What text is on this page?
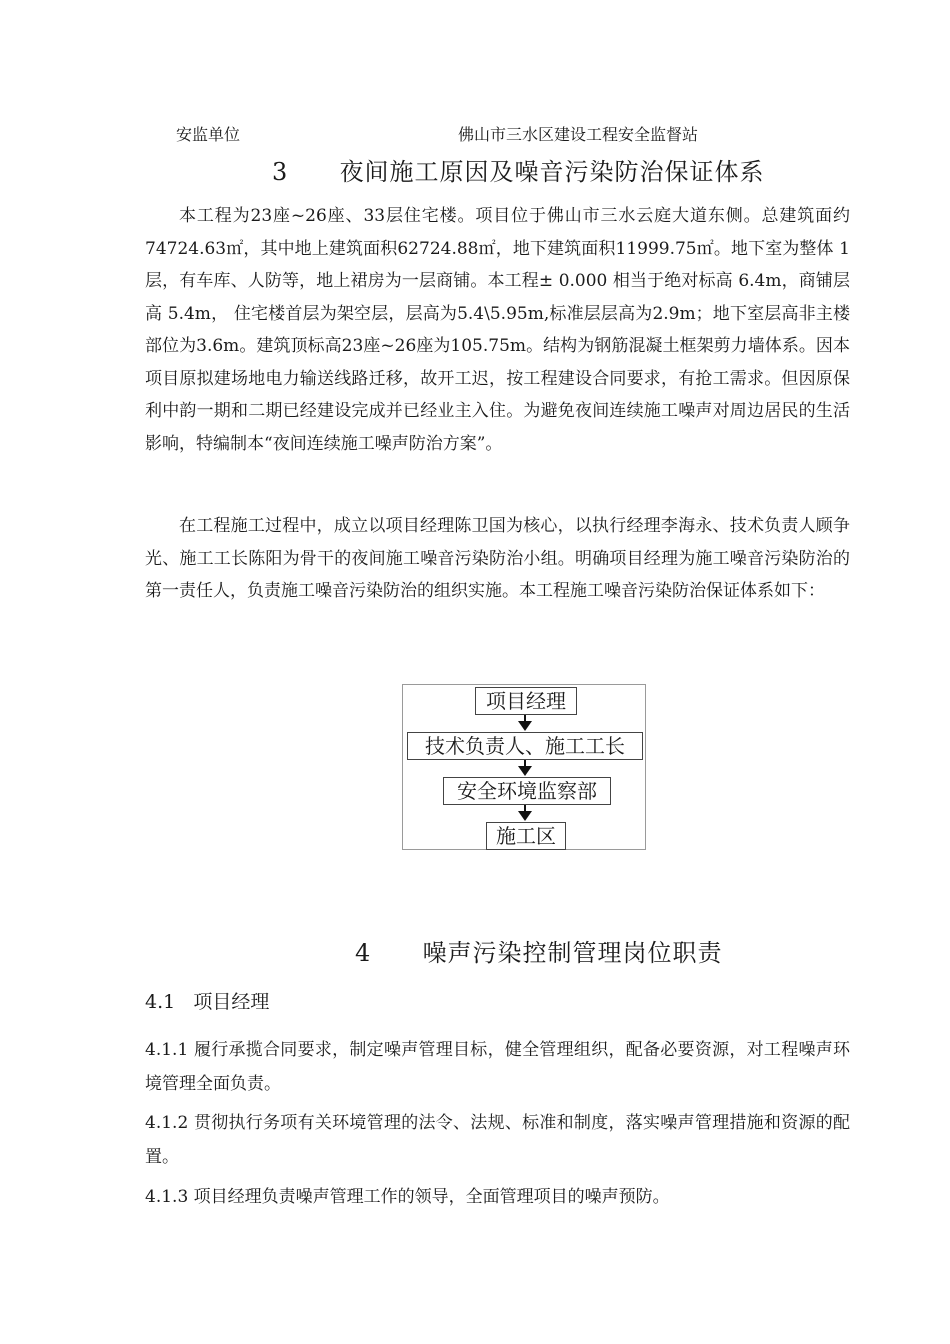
安监单位	佛山市三水区建设工程安全监督站
3 夜间施工原因及噪音污染防治保证体系

本工程为23座~26座、33层住宅楼。项目位于佛山市三水云庭大道东侧。总建筑面约74724.63㎡，其中地上建筑面积62724.88㎡，地下建筑面积11999.75㎡。地下室为整体 1层，有车库、人防等，地上裙房为一层商铺。本工程± 0.000 相当于绝对标高 6.4m，商铺层高 5.4m， 住宅楼首层为架空层，层高为5.4\5.95m,标准层层高为2.9m；地下室层高非主楼部位为3.6m。建筑顶标高23座~26座为105.75m。结构为钢筋混凝土框架剪力墙体系。因本项目原拟建场地电力输送线路迁移，故开工迟，按工程建设合同要求，有抢工需求。但因原保利中韵一期和二期已经建设完成并已经业主入住。为避免夜间连续施工噪声对周边居民的生活影响，特编制本“夜间连续施工噪声防治方案”。

在工程施工过程中，成立以项目经理陈卫国为核心，以执行经理李海永、技术负责人顾争光、施工工长陈阳为骨干的夜间施工噪音污染防治小组。明确项目经理为施工噪音污染防治的第一责任人，负责施工噪音污染防治的组织实施。本工程施工噪音污染防治保证体系如下：

项目经理
技术负责人、施工工长
安全环境监察部
施工区
4 噪声污染控制管理岗位职责
4.1 项目经理

4.1.1 履行承揽合同要求，制定噪声管理目标，健全管理组织，配备必要资源，对工程噪声环境管理全面负责。

4.1.2 贯彻执行务项有关环境管理的法令、法规、标准和制度，落实噪声管理措施和资源的配置。

4.1.3 项目经理负责噪声管理工作的领导，全面管理项目的噪声预防。
